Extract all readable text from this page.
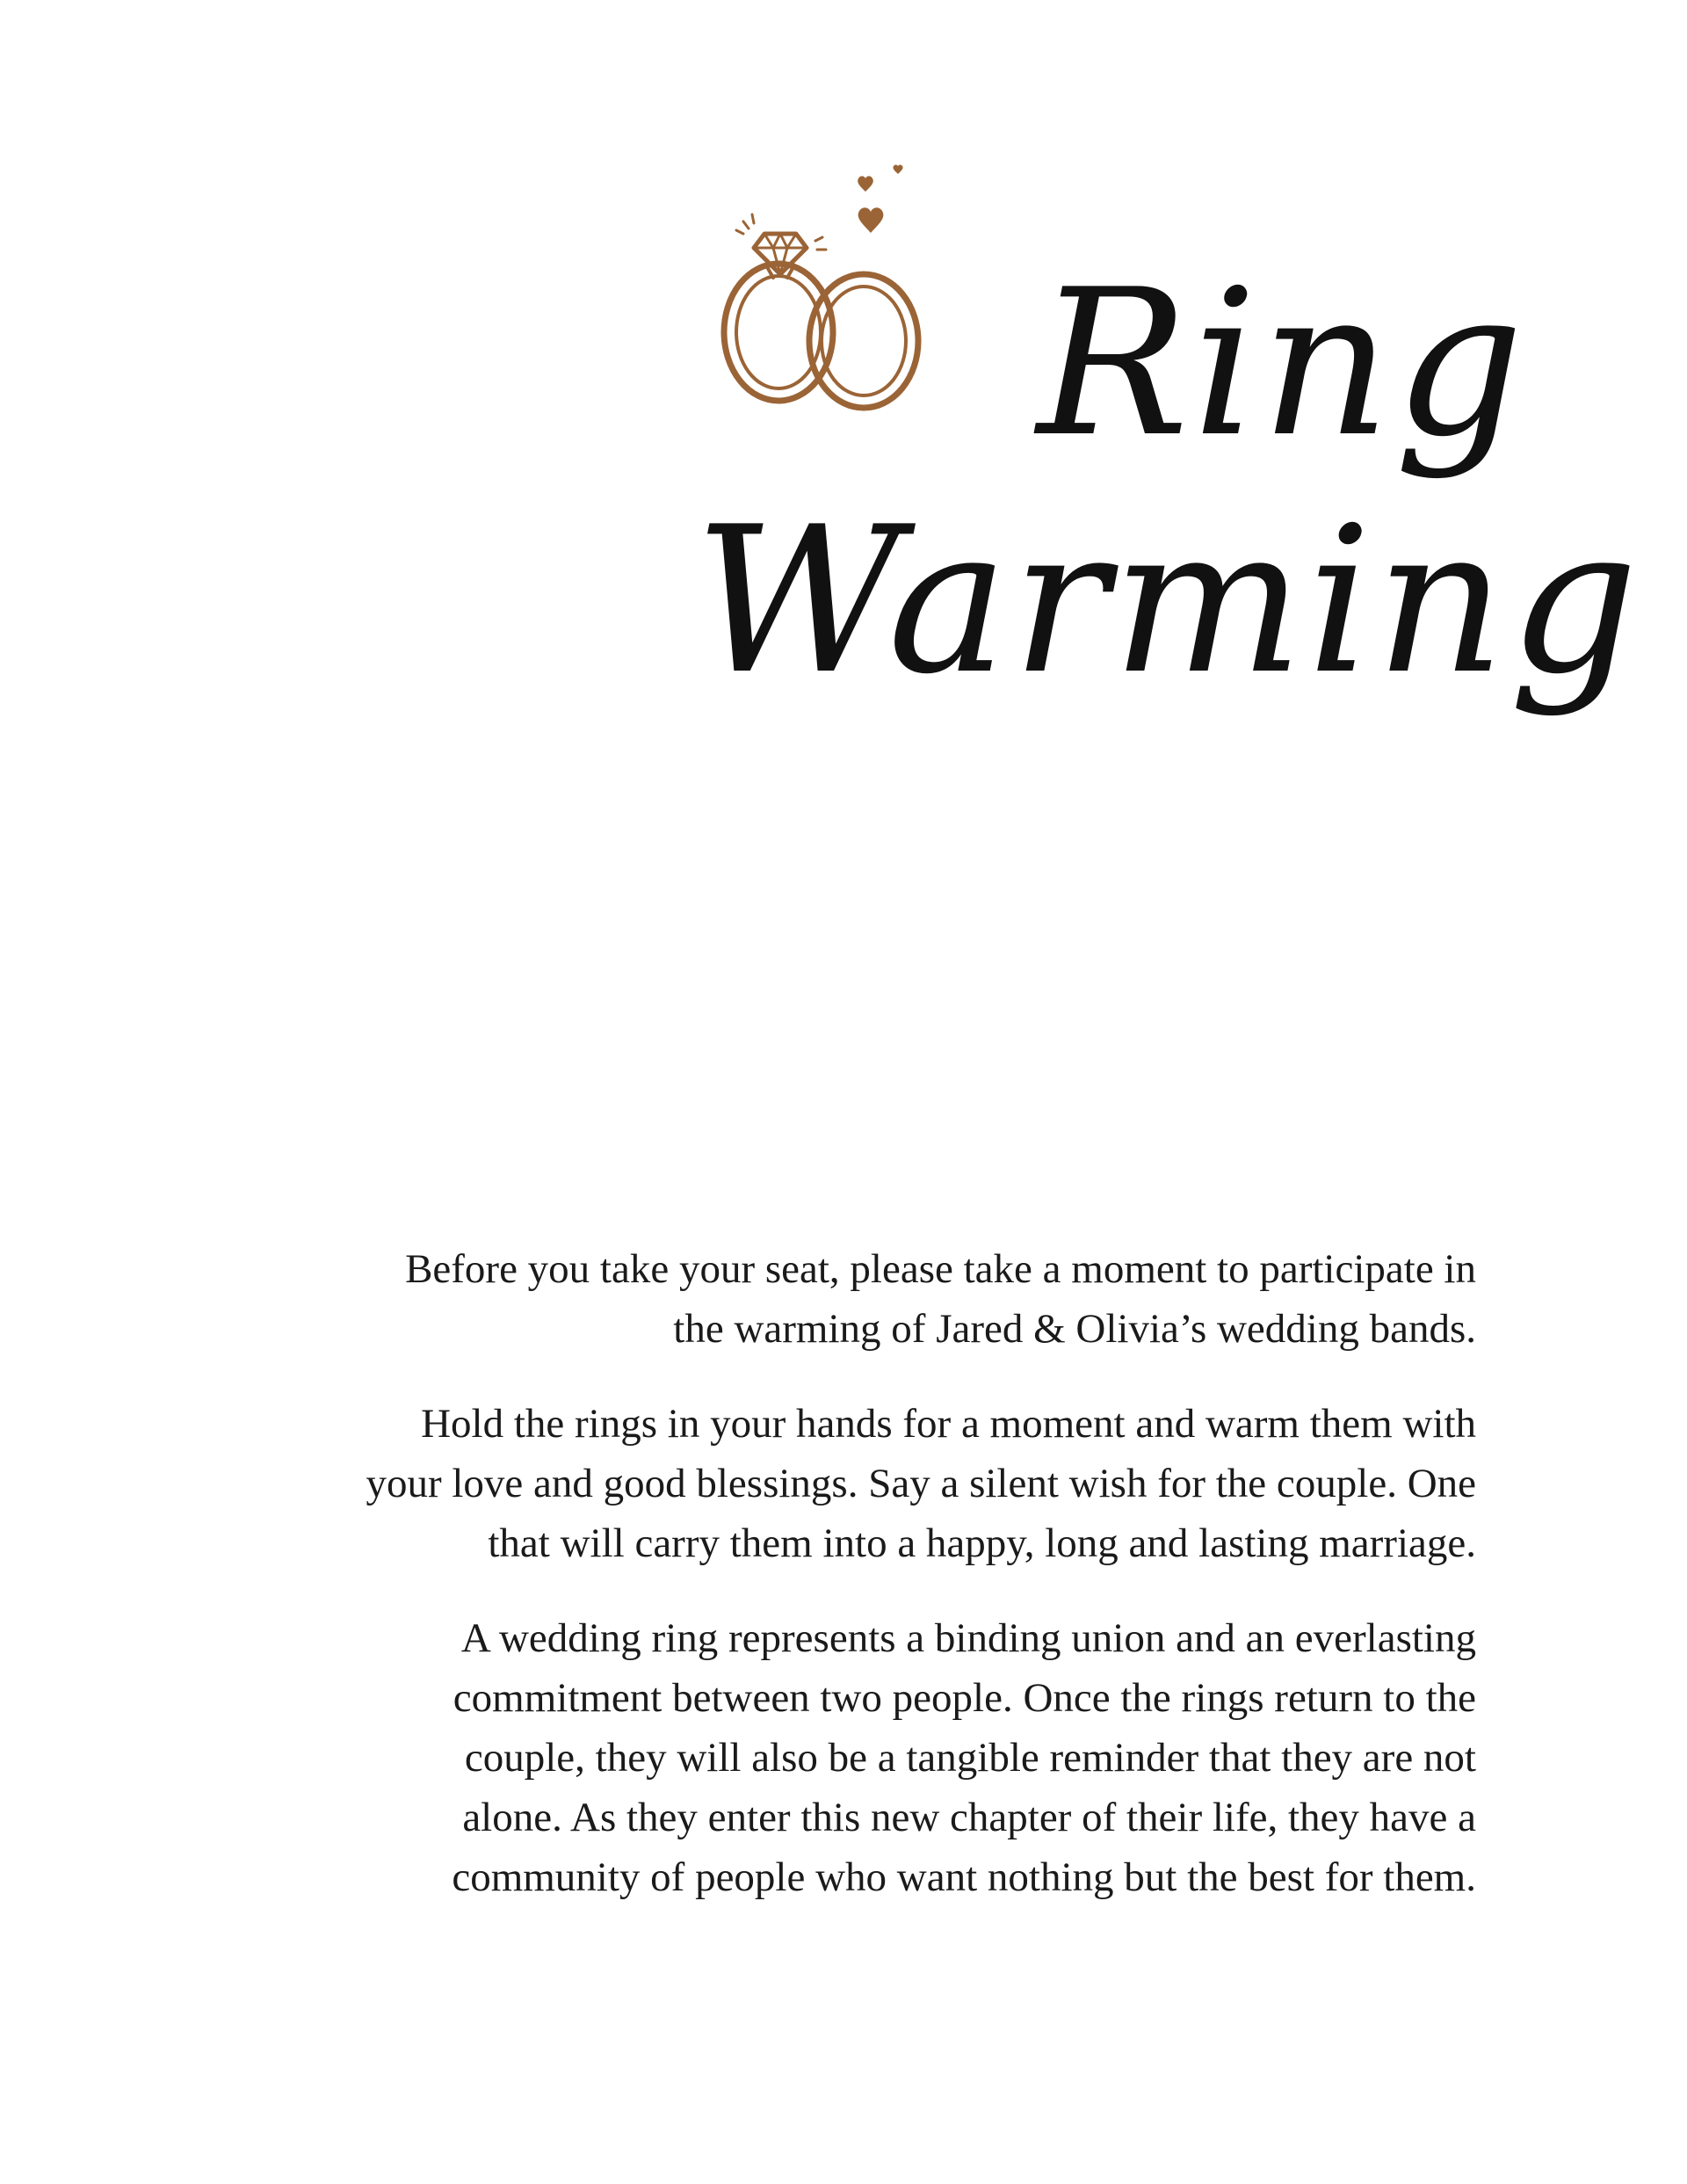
Ring
Warming

Before you take your seat, please take a moment to participate in
the warming of Jared & Olivia’s wedding bands.

Hold the rings in your hands for a moment and warm them with
your love and good blessings. Say a silent wish for the couple. One
that will carry them into a happy, long and lasting marriage.

A wedding ring represents a binding union and an everlasting
commitment between two people. Once the rings return to the
couple, they will also be a tangible reminder that they are not
alone. As they enter this new chapter of their life, they have a
community of people who want nothing but the best for them.
